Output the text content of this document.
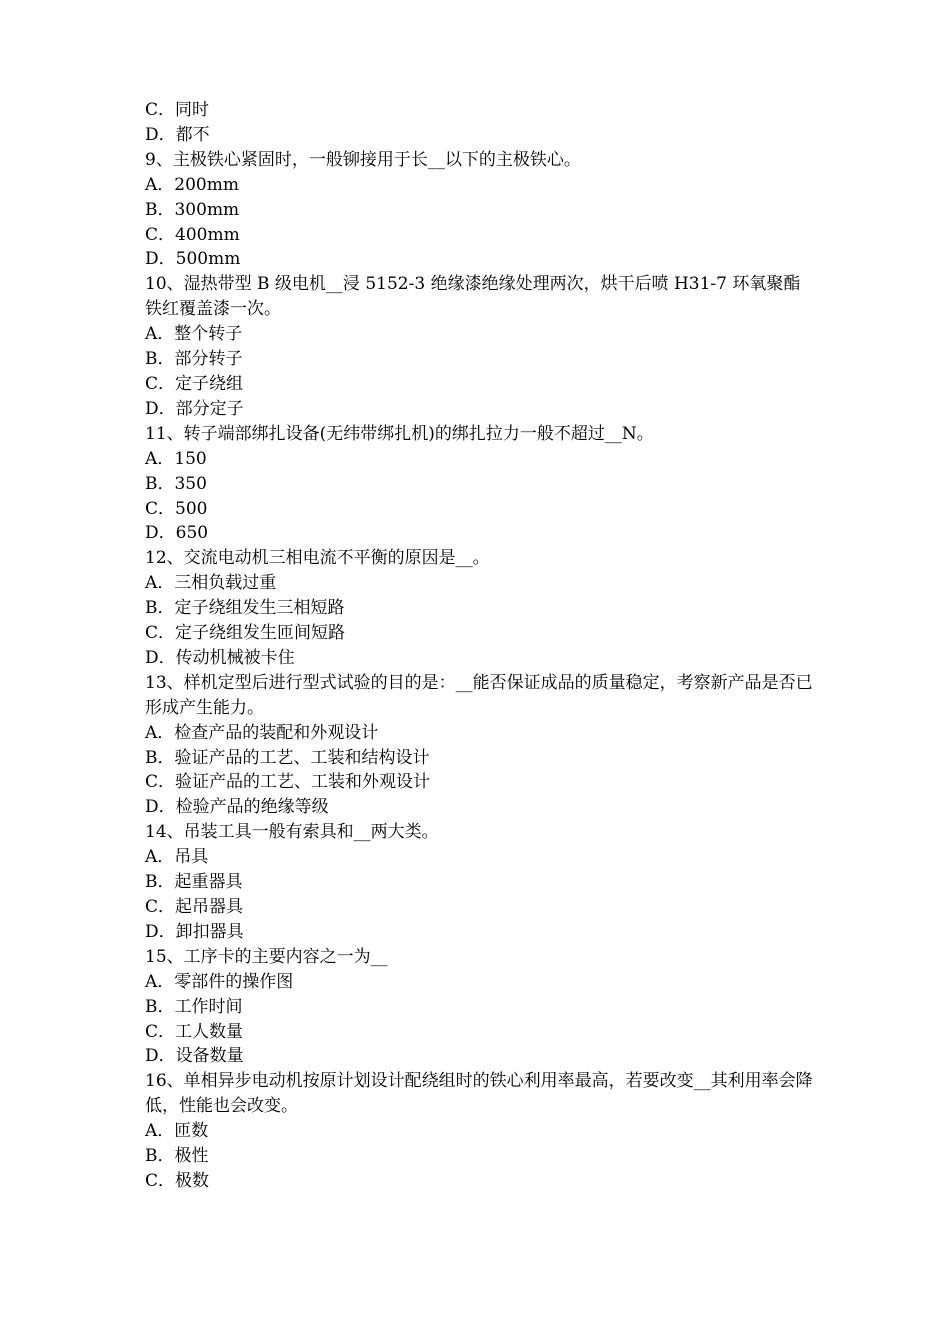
C．同时

D．都不

9、主极铁心紧固时，一般铆接用于长__以下的主极铁心。

A．200mm

B．300mm

C．400mm

D．500mm

10、湿热带型 B 级电机__浸 5152-3 绝缘漆绝缘处理两次，烘干后喷 H31-7 环氧聚酯铁红覆盖漆一次。

A．整个转子

B．部分转子

C．定子绕组

D．部分定子

11、转子端部绑扎设备(无纬带绑扎机)的绑扎拉力一般不超过__N。

A．150

B．350

C．500

D．650

12、交流电动机三相电流不平衡的原因是__。

A．三相负载过重

B．定子绕组发生三相短路

C．定子绕组发生匝间短路

D．传动机械被卡住

13、样机定型后进行型式试验的目的是：__能否保证成品的质量稳定，考察新产品是否已形成产生能力。

A．检查产品的装配和外观设计

B．验证产品的工艺、工装和结构设计

C．验证产品的工艺、工装和外观设计

D．检验产品的绝缘等级

14、吊装工具一般有索具和__两大类。

A．吊具

B．起重器具

C．起吊器具

D．卸扣器具

15、工序卡的主要内容之一为__

A．零部件的操作图

B．工作时间

C．工人数量

D．设备数量

16、单相异步电动机按原计划设计配绕组时的铁心利用率最高，若要改变__其利用率会降低，性能也会改变。

A．匝数

B．极性

C．极数
